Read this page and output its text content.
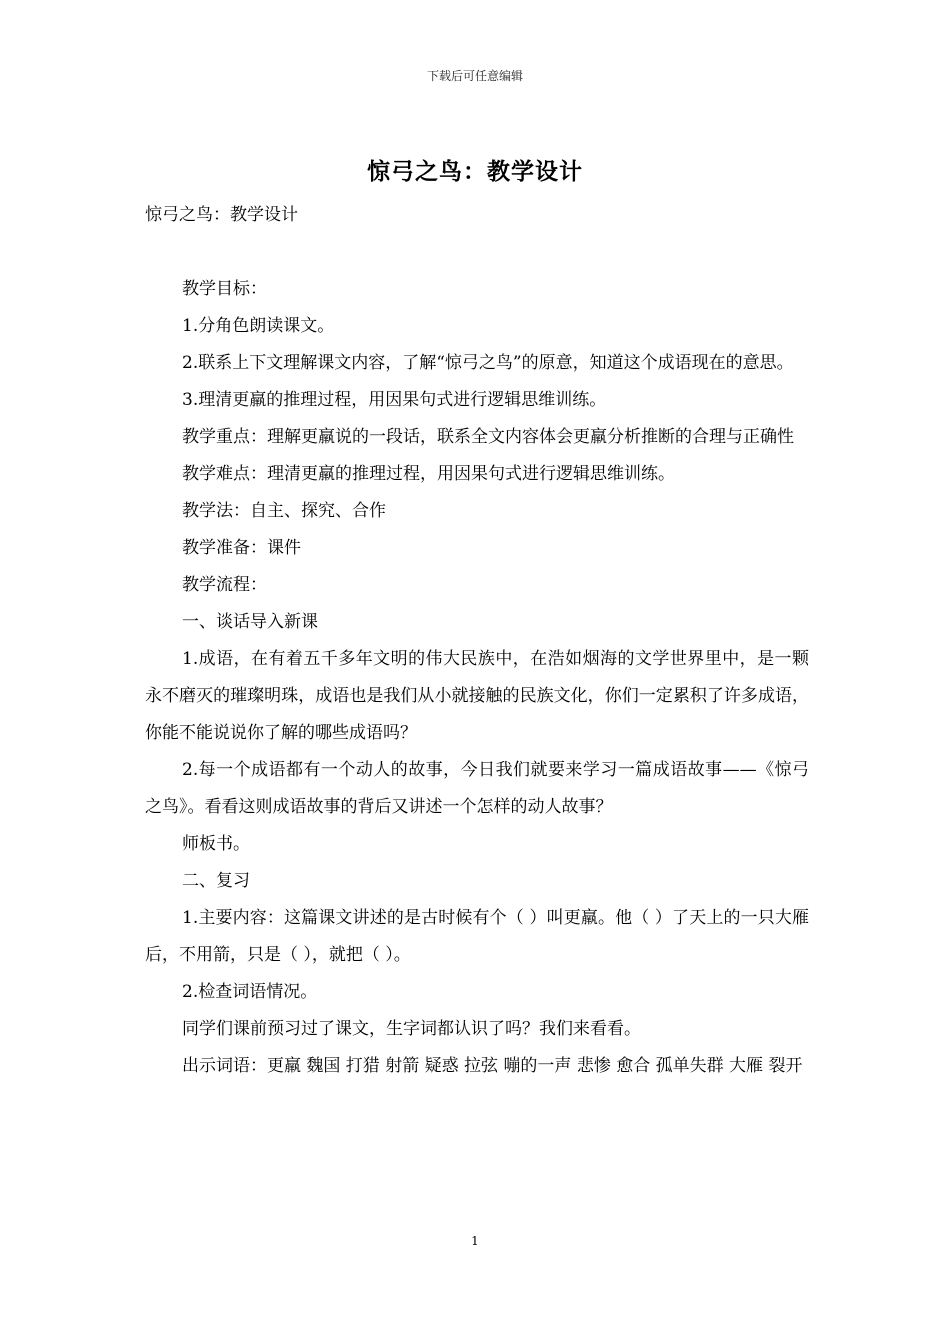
下载后可任意编辑
惊弓之鸟：教学设计

惊弓之鸟：教学设计

教学目标：

1.分角色朗读课文。

2.联系上下文理解课文内容，了解“惊弓之鸟”的原意，知道这个成语现在的意思。

3.理清更羸的推理过程，用因果句式进行逻辑思维训练。

教学重点：理解更羸说的一段话，联系全文内容体会更羸分析推断的合理与正确性

教学难点：理清更羸的推理过程，用因果句式进行逻辑思维训练。

教学法：自主、探究、合作

教学准备：课件

教学流程：

一、谈话导入新课

1.成语，在有着五千多年文明的伟大民族中，在浩如烟海的文学世界里中，是一颗永不磨灭的璀璨明珠，成语也是我们从小就接触的民族文化，你们一定累积了许多成语，你能不能说说你了解的哪些成语吗？

2.每一个成语都有一个动人的故事，今日我们就要来学习一篇成语故事——《惊弓之鸟》。看看这则成语故事的背后又讲述一个怎样的动人故事？

师板书。

二、复习

1.主要内容：这篇课文讲述的是古时候有个（ ）叫更羸。他（ ）了天上的一只大雁后，不用箭，只是（ ），就把（ ）。

2.检查词语情况。

同学们课前预习过了课文，生字词都认识了吗？我们来看看。

出示词语：更羸 魏国 打猎 射箭 疑惑 拉弦 嘣的一声 悲惨 愈合 孤单失群 大雁 裂开

1
